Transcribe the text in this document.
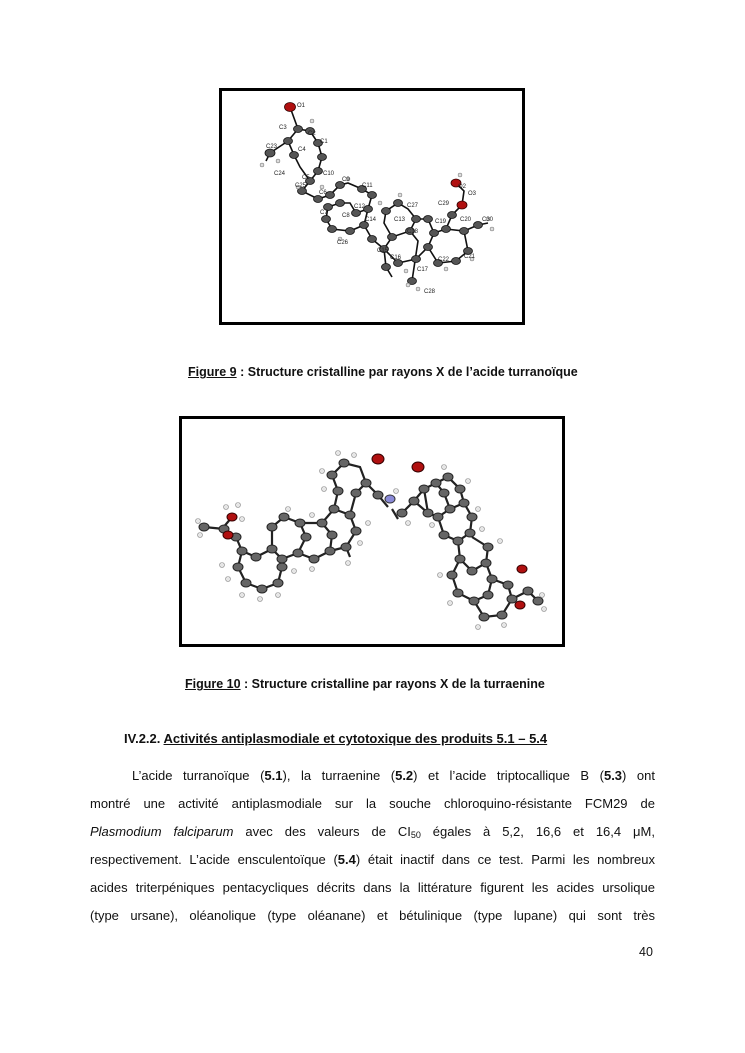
O1
C3
C2
C23
C1
C4
C24
C5
C10
C9
C25
C6
C11
C7 C8
C12	C27	C29
O2
O3
C14	C13	C19 C20 C30
C26
C15
C18
C16	C22 C21
C17
C28
Figure 9 : Structure cristalline par rayons X de l’acide turranoïque
Figure 10 : Structure cristalline par rayons X de la turraenine
IV.2.2. Activités antiplasmodiale et cytotoxique des produits 5.1 – 5.4
L’acide turranoïque (5.1), la turraenine (5.2) et l’acide triptocallique B (5.3) ont
montré une activité antiplasmodiale sur la souche chloroquino-résistante FCM29 de
Plasmodium falciparum avec des valeurs de $CI_{50}$ égales à 5,2, 16,6 et 16,4 μM,
respectivement. L’acide ensculentoïque (5.4) était inactif dans ce test. Parmi les nombreux
acides triterpéniques pentacycliques décrits dans la littérature figurent les acides ursolique
(type ursane), oléanolique (type oléanane) et bétulinique (type lupane) qui sont très
40
